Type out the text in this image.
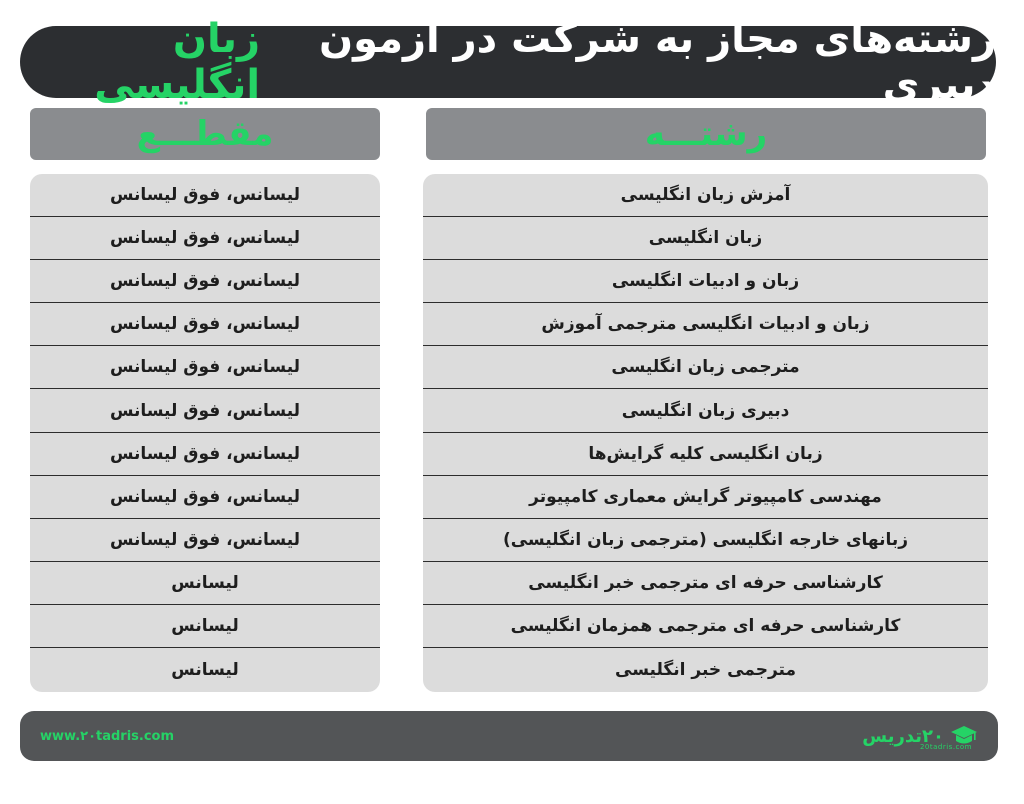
رشته‌های مجاز به شرکت در آزمون دبیری
زبان انگلیسی
رشتـــه
مقطـــع
آمزش زبان انگلیسی
زبان انگلیسی
زبان و ادبیات انگلیسی
زبان و ادبیات انگلیسی مترجمی آموزش
مترجمی زبان انگلیسی
دبیری زبان انگلیسی
زبان انگلیسی کلیه گرایش‌ها
مهندسی کامپیوتر گرایش معماری کامپیوتر
زبانهای خارجه انگلیسی (مترجمی زبان انگلیسی)
کارشناسی حرفه ای مترجمی خبر انگلیسی
کارشناسی حرفه ای مترجمی همزمان انگلیسی
مترجمی خبر انگلیسی
لیسانس، فوق لیسانس
لیسانس، فوق لیسانس
لیسانس، فوق لیسانس
لیسانس، فوق لیسانس
لیسانس، فوق لیسانس
لیسانس، فوق لیسانس
لیسانس، فوق لیسانس
لیسانس، فوق لیسانس
لیسانس، فوق لیسانس
لیسانس
لیسانس
لیسانس
www.۲۰tadris.com	۲۰تدریس
20tadris.com
